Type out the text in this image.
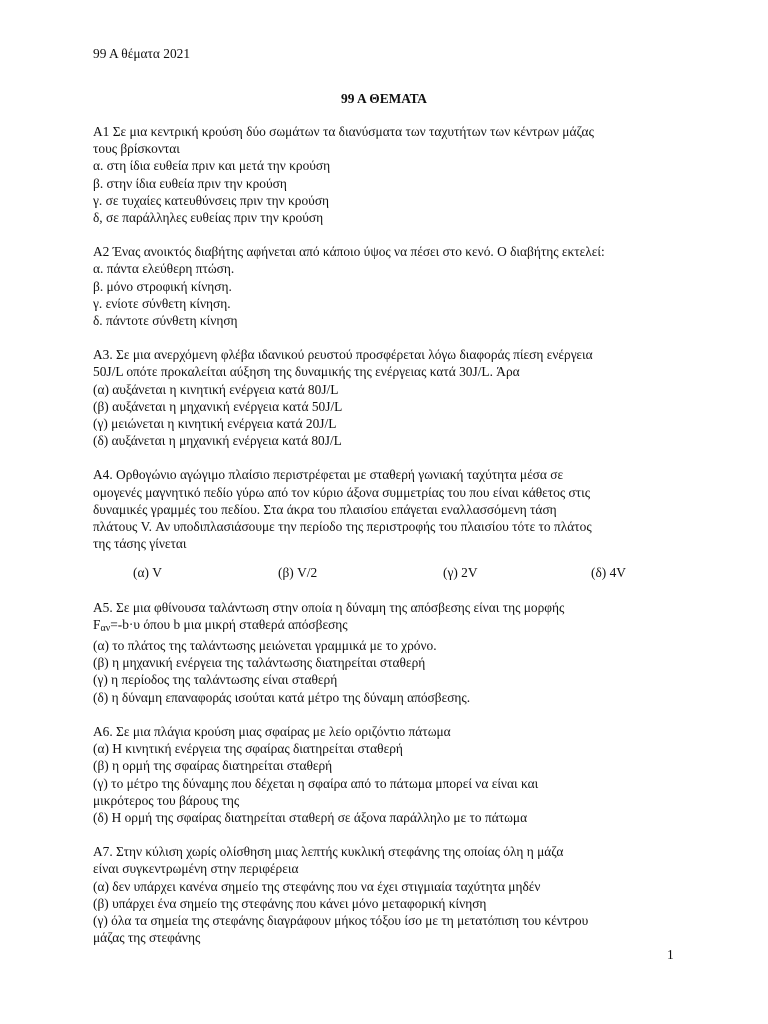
99 Α θέματα 2021
99 Α ΘΕΜΑΤΑ
Α1 Σε μια κεντρική κρούση δύο σωμάτων τα διανύσματα των ταχυτήτων των κέντρων μάζας
τους βρίσκονται
α. στη ίδια ευθεία πριν και μετά την κρούση
β. στην ίδια ευθεία πριν την κρούση
γ. σε τυχαίες κατευθύνσεις πριν την κρούση
δ, σε παράλληλες ευθείας πριν την κρούση
Α2 Ένας ανοικτός διαβήτης αφήνεται από κάποιο ύψος να πέσει στο κενό. Ο διαβήτης εκτελεί:
α. πάντα ελεύθερη πτώση.
β. μόνο στροφική κίνηση.
γ. ενίοτε σύνθετη κίνηση.
δ. πάντοτε σύνθετη κίνηση
Α3. Σε μια ανερχόμενη φλέβα ιδανικού ρευστού προσφέρεται λόγω διαφοράς πίεση ενέργεια
50J/L οπότε προκαλείται αύξηση της δυναμικής της ενέργειας κατά 30J/L. Άρα
(α) αυξάνεται η κινητική ενέργεια κατά 80J/L
(β) αυξάνεται η μηχανική ενέργεια κατά 50J/L
(γ) μειώνεται η κινητική ενέργεια κατά 20J/L
(δ) αυξάνεται η μηχανική ενέργεια κατά 80J/L
Α4. Ορθογώνιο αγώγιμο πλαίσιο περιστρέφεται με σταθερή γωνιακή ταχύτητα μέσα σε
ομογενές μαγνητικό πεδίο γύρω από τον κύριο άξονα συμμετρίας του που είναι κάθετος στις
δυναμικές γραμμές του πεδίου. Στα άκρα του πλαισίου επάγεται εναλλασσόμενη τάση
πλάτους V. Αν υποδιπλασιάσουμε την περίοδο της περιστροφής του πλαισίου τότε το πλάτος
της τάσης γίνεται
(α) V	(β) V/2	(γ) 2V	(δ) 4V
Α5. Σε μια φθίνουσα ταλάντωση στην οποία η δύναμη της απόσβεσης είναι της μορφής
$F_{\alpha\nu}=-b\cdot\upsilon$ όπου b μια μικρή σταθερά απόσβεσης
(α) το πλάτος της ταλάντωσης μειώνεται γραμμικά με το χρόνο.
(β) η μηχανική ενέργεια της ταλάντωσης διατηρείται σταθερή
(γ) η περίοδος της ταλάντωσης είναι σταθερή
(δ) η δύναμη επαναφοράς ισούται κατά μέτρο της δύναμη απόσβεσης.
Α6. Σε μια πλάγια κρούση μιας σφαίρας με λείο οριζόντιο πάτωμα
(α) Η κινητική ενέργεια της σφαίρας διατηρείται σταθερή
(β) η ορμή της σφαίρας διατηρείται σταθερή
(γ) το μέτρο της δύναμης που δέχεται η σφαίρα από το πάτωμα μπορεί να είναι και
μικρότερος του βάρους της
(δ) Η ορμή της σφαίρας διατηρείται σταθερή σε άξονα παράλληλο με το πάτωμα
Α7. Στην κύλιση χωρίς ολίσθηση μιας λεπτής κυκλική στεφάνης της οποίας όλη η μάζα
είναι συγκεντρωμένη στην περιφέρεια
(α) δεν υπάρχει κανένα σημείο της στεφάνης που να έχει στιγμιαία ταχύτητα μηδέν
(β) υπάρχει ένα σημείο της στεφάνης που κάνει μόνο μεταφορική κίνηση
(γ) όλα τα σημεία της στεφάνης διαγράφουν μήκος τόξου ίσο με τη μετατόπιση του κέντρου
μάζας της στεφάνης
1
